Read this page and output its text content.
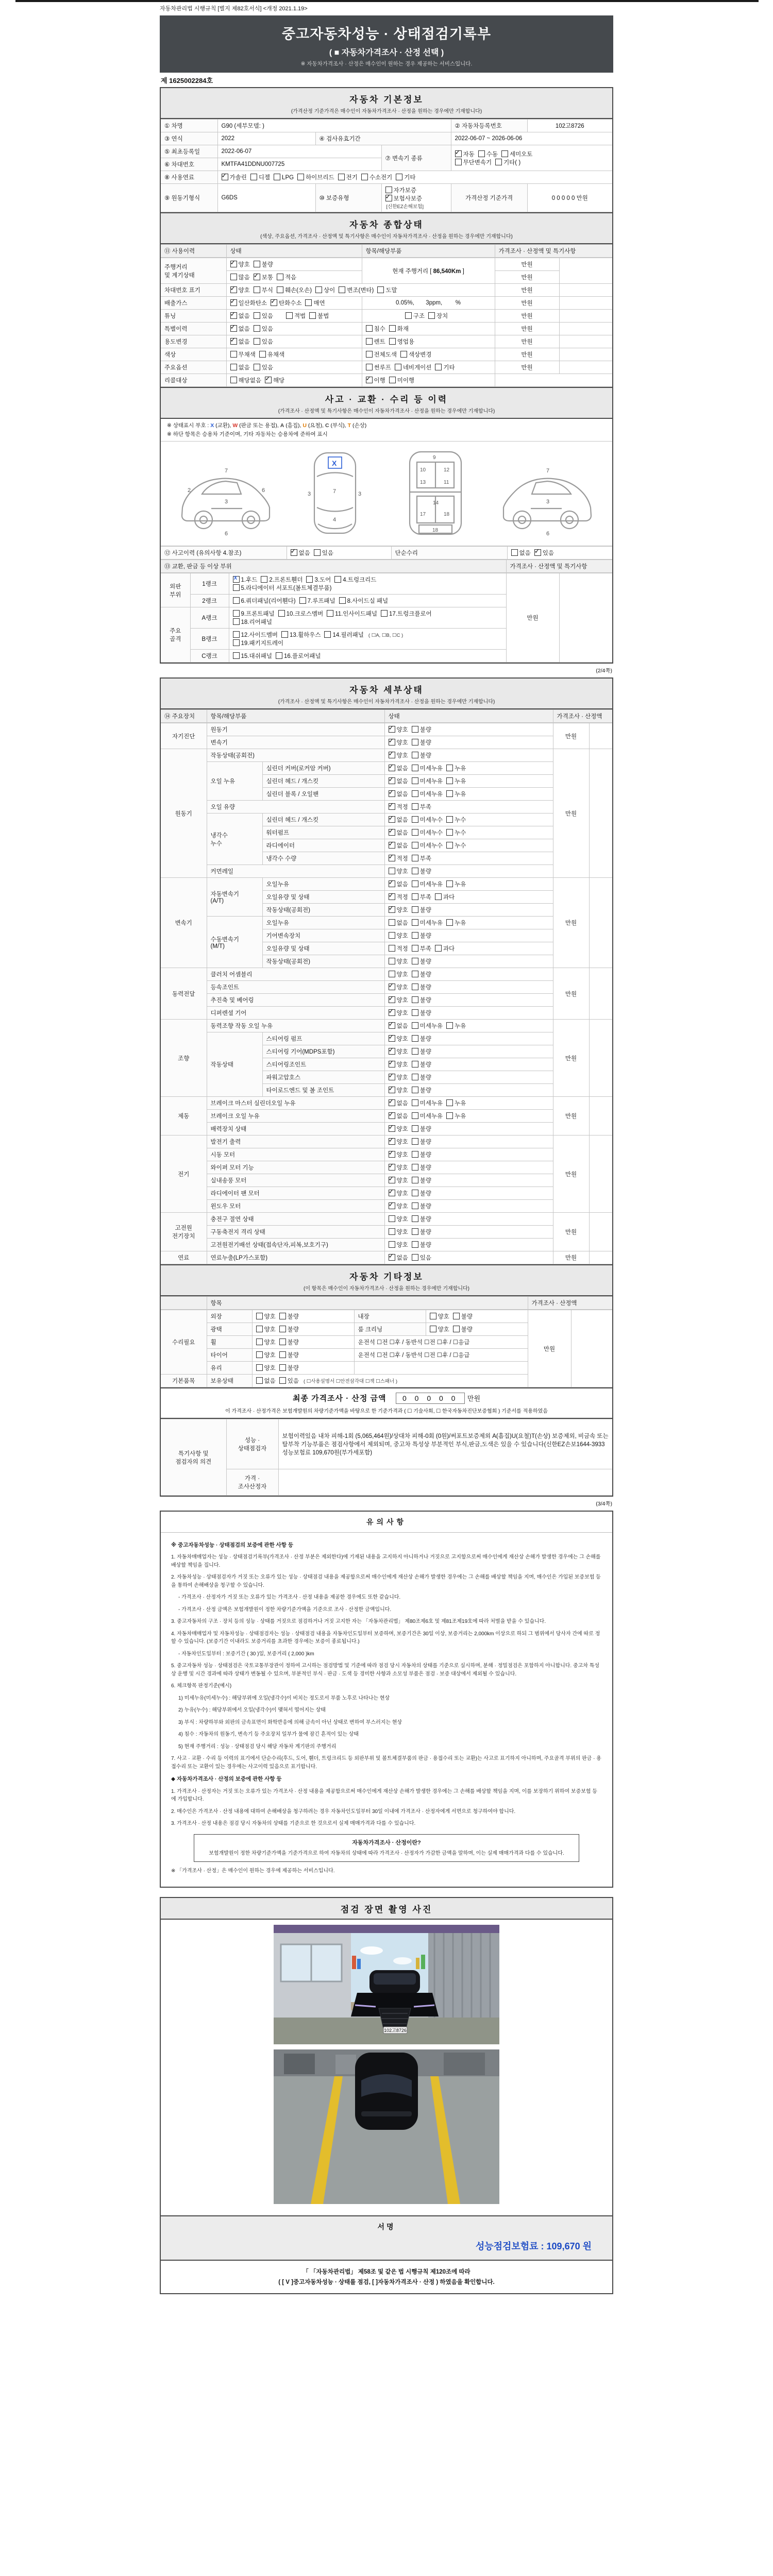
자동차관리법 시행규칙 [별지 제82호서식] <개정 2021.1.19>
중고자동차성능 · 상태점검기록부
( ■ 자동차가격조사 · 산정 선택 )
※ 자동차가격조사 · 산정은 매수인이 원하는 경우 제공하는 서비스입니다.
제 1625002284호
자동차 기본정보
(가격산정 기준가격은 매수인이 자동차가격조사 · 산정을 원하는 경우에만 기재합니다)
① 차명	G90 (세부모델: )			② 자동차등록번호	102고8726
③ 연식	2022	④ 검사유효기간		2022-06-07 ~ 2026-06-06	
⑤ 최초등록일	2022-06-07		⑦ 변속기 종류	✓자동 수동 세미오토
무단변속기 기타( )
⑥ 차대번호	KMTFA41DDNU007725				
⑧ 사용연료	✓가솔린 디젤 LPG 하이브리드 전기 수소전기 기타
⑨ 원동기형식	G6DS	⑩ 보증유형	자가보증✓보험사보증[신한EZ손해보험]	가격산정 기준가격	0 0 0 0 0 만원
자동차 종합상태
(색상, 주요옵션, 가격조사 · 산정액 및 특기사항은 매수인이 자동차가격조사 · 산정을 원하는 경우에만 기재합니다)
⑪ 사용이력	상태	항목/해당부품	가격조사 · 산정액 및 특기사항
주행거리
및 계기상태	✓양호 불량	현재 주행거리 [ 86,540Km ]	만원	
	많음 ✓ 보통 적음		만원	
차대번호 표기	✓양호 부식 훼손(오손) 상이 변조(변타) 도말		만원	
배출가스	✓일산화탄소 ✓ 탄화수소 매연	0.05%,       3ppm,        %	만원	
튜닝	✓없음 있음 적법 불법	구조 장치	만원	
특별이력	✓없음 있음	침수 화재	만원	
용도변경	✓없음 있음	렌트 영업용	만원	
색상	무채색 유채색	전체도색 색상변경	만원	
주요옵션	없음 있음	썬루프 네비게이션 기타	만원	
리콜대상	해당없음 ✓ 해당	✓이행 미이행	
사고 · 교환 · 수리 등 이력
(가격조사 · 산정액 및 특기사항은 매수인이 자동차가격조사 · 산정을 원하는 경우에만 기재합니다)
※ 상태표시 부호 : X (교환), W (판금 또는 용접), A (흠집), U (요철), C (부식), T (손상)
※ 하단 항목은 승용차 기준이며, 기타 자동차는 승용차에 준하여 표시
7
2	6
6
3
X
7
4
3	3
9
10	12
13	11
14
17	18
18
7
3
6
⑫ 사고이력 (유의사항 4.참조)	✓없음 있음	단순수리	없음 ✓ 있음
⑬ 교환, 판금 등 이상 부위	가격조사 · 산정액 및 특기사항
외판
부위	1랭크	X1.후드 2.프론트휀더 3.도어 4.트렁크리드
5.라디에이터 서포트(볼트체결부품)	만원	
	2랭크	6.쿼더패널(리어휀다) 7.루프패널 8.사이드실 패널		
주요
골격	A랭크	9.프론트패널 10.크로스멤버 11.인사이드패널 17.트렁크플로어
18.리어패널		
	B랭크	12.사이드멤버 13.휠하우스 14.필러패널 ( ☐A, ☐B, ☐C )
19.패키지트레이		
	C랭크	15.대쉬패널 16.플로어패널		
(2/4쪽)
자동차 세부상태
(가격조사 · 산정액 및 특기사항은 매수인이 자동차가격조사 · 산정을 원하는 경우에만 기재합니다)
⑭ 주요장치	항목/해당부품	상태	가격조사 · 산정액
자기진단	원동기	✓양호 불량	만원	
	변속기	✓양호 불량
원동기	작동상태(공회전)	✓양호 불량	만원	
	오일 누유	실린더 커버(로커암 커버)	✓없음 미세누유 누유
		실린더 헤드 / 개스킷	✓없음 미세누유 누유
		실린더 블록 / 오일팬	✓없음 미세누유 누유
	오일 유량	✓적정 부족
	냉각수
누수	실린더 헤드 / 개스킷	✓없음 미세누수 누수
		워터펌프	✓없음 미세누수 누수
		라디에이터	✓없음 미세누수 누수
		냉각수 수량	✓적정 부족
	커먼레일		양호 불량		
변속기	자동변속기
(A/T)	오일누유	✓없음 미세누유 누유	만원	
		오일유량 및 상태	✓적정 부족 과다
		작동상태(공회전)	✓양호 불량
	수동변속기
(M/T)	오일누유	없음 미세누유 누유		
		기어변속장치	양호 불량		
		오일유량 및 상태	적정 부족 과다		
		작동상태(공회전)	양호 불량		
동력전달	클러치 어셈블리		양호 불량	만원	
	등속조인트	✓양호 불량
	추진축 및 베어링	✓양호 불량
	디퍼렌셜 기어	✓양호 불량
조향	동력조향 작동 오일 누유	✓없음 미세누유 누유	만원	
	작동상태	스티어링 펌프	✓양호 불량
		스티어링 기어(MDPS포함)	✓양호 불량
		스티어링조인트	✓양호 불량
		파워고압호스	✓양호 불량
		타이로드엔드 및 볼 조인트	✓양호 불량
제동	브레이크 마스터 실린더오일 누유	✓없음 미세누유 누유	만원	
	브레이크 오일 누유	✓없음 미세누유 누유
	배력장치 상태	✓양호 불량
전기	발전기 출력	✓양호 불량	만원	
	시동 모터	✓양호 불량
	와이퍼 모터 기능	✓양호 불량
	실내송풍 모터	✓양호 불량
	라디에이터 팬 모터	✓양호 불량
	윈도우 모터	✓양호 불량
고전원
전기장치	충전구 절연 상태		양호 불량	만원	
	구동축전지 격리 상태		양호 불량		
	고전원전기배선 상태(접속단자,피복,보호기구)		양호 불량		
연료	연료누출(LP가스포함)	✓없음 있음	만원	
자동차 기타정보
(이 항목은 매수인이 자동차가격조사 · 산정을 원하는 경우에만 기재합니다)
	항목	가격조사 · 산정액
수리필요	외장	양호 불량	내장	양호 불량	만원	
	광택	양호 불량	룸 크리닝	양호 불량		
	휠	양호 불량	운전석 ☐전 ☐후 / 동반석 ☐전 ☐후 / ☐응급			
	타이어	양호 불량	운전석 ☐전 ☐후 / 동반석 ☐전 ☐후 / ☐응급			
	유리	양호 불량				
기본품목	보유상태	없음 있음 ( ☐사용설명서 ☐안전삼각대 ☐잭 ☐스패너 )				
최종 가격조사 · 산정 금액 0 0 0 0 0 만원
이 가격조사 · 산정가격은 보험개발원의 차량기준가액을 바탕으로 한 기준가격과 ( ☐ 기술사회, ☐ 한국자동차진단보증협회 ) 기준서를 적용하였음
특기사항 및
점검자의 의견	성능 · 상태점검자	보험이력있음 내차 피해-1회 (5,065,464원)/상대차 피해-0회 (0원)/써포트보증제외 A(흠집)U(요철)T(손상) 보증제외, 비금속 또는 탈부착 기능부품은 점검사항에서 제외되며, 중고차 특성상 부분적인 부식,판금,도색은 있을 수 있습니다(신한EZ손보1644-3933 성능보험료 109,670원(부가세포함)
	가격 · 조사산정자	
(3/4쪽)
유의사항
※ 중고자동차성능 · 상태점검의 보증에 관한 사항 등

1. 자동차매매업자는 성능 · 상태점검기록부(가격조사 · 산정 부분은 제외한다)에 기재된 내용을 고지하지 아니하거나 거짓으로 고지함으로써 매수인에게 재산상 손해가 발생한 경우에는 그 손해를 배상할 책임을 집니다.

2. 자동차성능 · 상태점검자가 거짓 또는 오류가 있는 성능 · 상태점검 내용을 제공함으로써 매수인에게 재산상 손해가 발생한 경우에는 그 손해를 배상할 책임을 지며, 매수인은 가입된 보증보험 등을 통하여 손해배상을 청구할 수 있습니다.

- 가격조사 · 산정자가 거짓 또는 오류가 있는 가격조사 · 산정 내용을 제공한 경우에도 또한 같습니다.

- 가격조사 · 산정 금액은 보험개발원이 정한 차량기준가액을 기준으로 조사 · 산정한 금액입니다.

3. 중고자동차의 구조 · 장치 등의 성능 · 상태를 거짓으로 점검하거나 거짓 고지한 자는 「자동차관리법」 제80조제6호 및 제81조제19호에 따라 처벌을 받을 수 있습니다.

4. 자동차매매업자 및 자동차성능 · 상태점검자는 성능 · 상태점검 내용을 자동차인도일부터 보증하며, 보증기간은 30일 이상, 보증거리는 2,000km 이상으로 하되 그 범위에서 당사자 간에 따로 정할 수 있습니다. (보증기간 이내라도 보증거리를 초과한 경우에는 보증이 종료됩니다.)

- 자동차인도일부터 : 보증기간 ( 30 )일, 보증거리 ( 2,000 )km

5. 중고자동차 성능 · 상태점검은 국토교통부장관이 정하여 고시하는 점검방법 및 기준에 따라 점검 당시 자동차의 상태를 기준으로 실시하며, 분해 · 정밀점검은 포함하지 아니합니다. 중고차 특성상 운행 및 시간 경과에 따라 상태가 변동될 수 있으며, 부분적인 부식 · 판금 · 도색 등 경미한 사항과 소모성 부품은 점검 · 보증 대상에서 제외될 수 있습니다.

6. 체크항목 판정기준(예시)

1) 미세누유(미세누수) : 해당부위에 오일(냉각수)이 비치는 정도로서 부품 노후로 나타나는 현상

2) 누유(누수) : 해당부위에서 오일(냉각수)이 맺혀서 떨어지는 상태

3) 부식 : 차량하부와 외판의 금속표면이 화학반응에 의해 금속이 아닌 상태로 변하여 부스러지는 현상

4) 침수 : 자동차의 원동기, 변속기 등 주요장치 일부가 물에 잠긴 흔적이 있는 상태

5) 현재 주행거리 : 성능 · 상태점검 당시 해당 자동차 계기판의 주행거리

7. 사고 · 교환 · 수리 등 이력의 표기에서 단순수리(후드, 도어, 휀더, 트렁크리드 등 외판부위 및 볼트체결부품의 판금 · 용접수리 또는 교환)는 사고로 표기하지 아니하며, 주요골격 부위의 판금 · 용접수리 또는 교환이 있는 경우에는 사고이력 있음으로 표기합니다.

◆ 자동차가격조사 · 산정의 보증에 관한 사항 등

1. 가격조사 · 산정자는 거짓 또는 오류가 있는 가격조사 · 산정 내용을 제공함으로써 매수인에게 재산상 손해가 발생한 경우에는 그 손해를 배상할 책임을 지며, 이를 보장하기 위하여 보증보험 등에 가입합니다.

2. 매수인은 가격조사 · 산정 내용에 대하여 손해배상을 청구하려는 경우 자동차인도일부터 30일 이내에 가격조사 · 산정자에게 서면으로 청구하여야 합니다.

3. 가격조사 · 산정 내용은 점검 당시 자동차의 상태를 기준으로 한 것으로서 실제 매매가격과 다를 수 있습니다.

자동차가격조사 · 산정이란?
보험개발원이 정한 차량기준가액을 기준가격으로 하여 자동차의 상태에 따라 가격조사 · 산정자가 가감한 금액을 말하며, 이는 실제 매매가격과 다를 수 있습니다.

※ 「가격조사 · 산정」은 매수인이 원하는 경우에 제공하는 서비스입니다.

점검 장면 촬영 사진
102고8726
서명
성능점검보험료 : 109,670 원
「 「자동차관리법」 제58조 및 같은 법 시행규칙 제120조에 따라
( [ V ]중고자동차성능 · 상태를 점검, [ ]자동차가격조사 · 산정 ) 하였음을 확인합니다.
